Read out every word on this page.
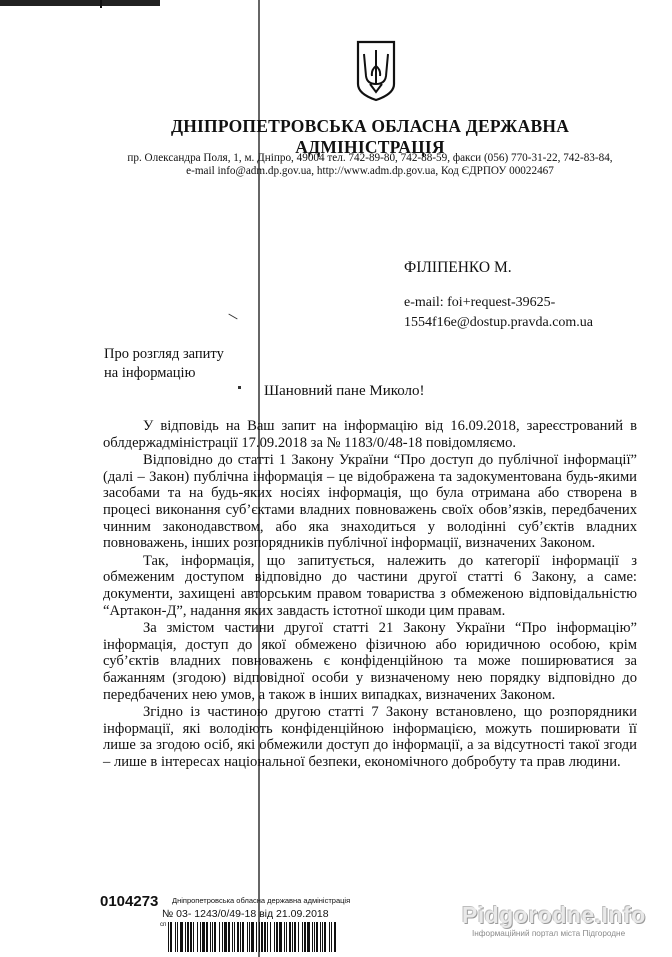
ДНІПРОПЕТРОВСЬКА ОБЛАСНА ДЕРЖАВНА АДМІНІСТРАЦІЯ
пр. Олександра Поля, 1, м. Дніпро, 49004 тел. 742-89-80, 742-88-59, факси (056) 770-31-22, 742-83-84,
e-mail info@adm.dp.gov.ua, http://www.adm.dp.gov.ua, Код ЄДРПОУ 00022467
ФІЛІПЕНКО М.
e-mail: foi+request-39625-
1554f16e@dostup.pravda.com.ua
Про розгляд запиту
на інформацію
Шановний пане Миколо!

У відповідь на Ваш запит на інформацію від 16.09.2018, зареєстрований в облдержадміністрації 17.09.2018 за № 1183/0/48-18 повідомляємо.

Відповідно до статті 1 Закону України “Про доступ до публічної інформації” (далі – Закон) публічна інформація – це відображена та задокументована будь-якими засобами та на будь-яких носіях інформація, що була отримана або створена в процесі виконання суб’єктами владних повноважень своїх обов’язків, передбачених чинним законодавством, або яка знаходиться у володінні суб’єктів владних повноважень, інших розпорядників публічної інформації, визначених Законом.

Так, інформація, що запитується, належить до категорії інформації з обмеженим доступом відповідно до частини другої статті 6 Закону, а саме: документи, захищені авторським правом товариства з обмеженою відповідальністю “Артакон-Д”, надання яких завдасть істотної шкоди цим правам.

За змістом частини другої статті 21 Закону України “Про інформацію” інформація, доступ до якої обмежено фізичною або юридичною особою, крім суб’єктів владних повноважень є конфіденційною та може поширюватися за бажанням (згодою) відповідної особи у визначеному нею порядку відповідно до передбачених нею умов, а також в інших випадках, визначених Законом.

Згідно із частиною другою статті 7 Закону встановлено, що розпорядники інформації, які володіють конфіденційною інформацією, можуть поширювати її лише за згодою осіб, які обмежили доступ до інформації, а за відсутності такої згоди – лише в інтересах національної безпеки, економічного добробуту та прав людини.

0104273 Дніпропетровська обласна державна адміністрація
№ 03- 1243/0/49-18 від 21.09.2018
сп	Pidgorodne.Info
Інформаційний портал міста Підгородне
